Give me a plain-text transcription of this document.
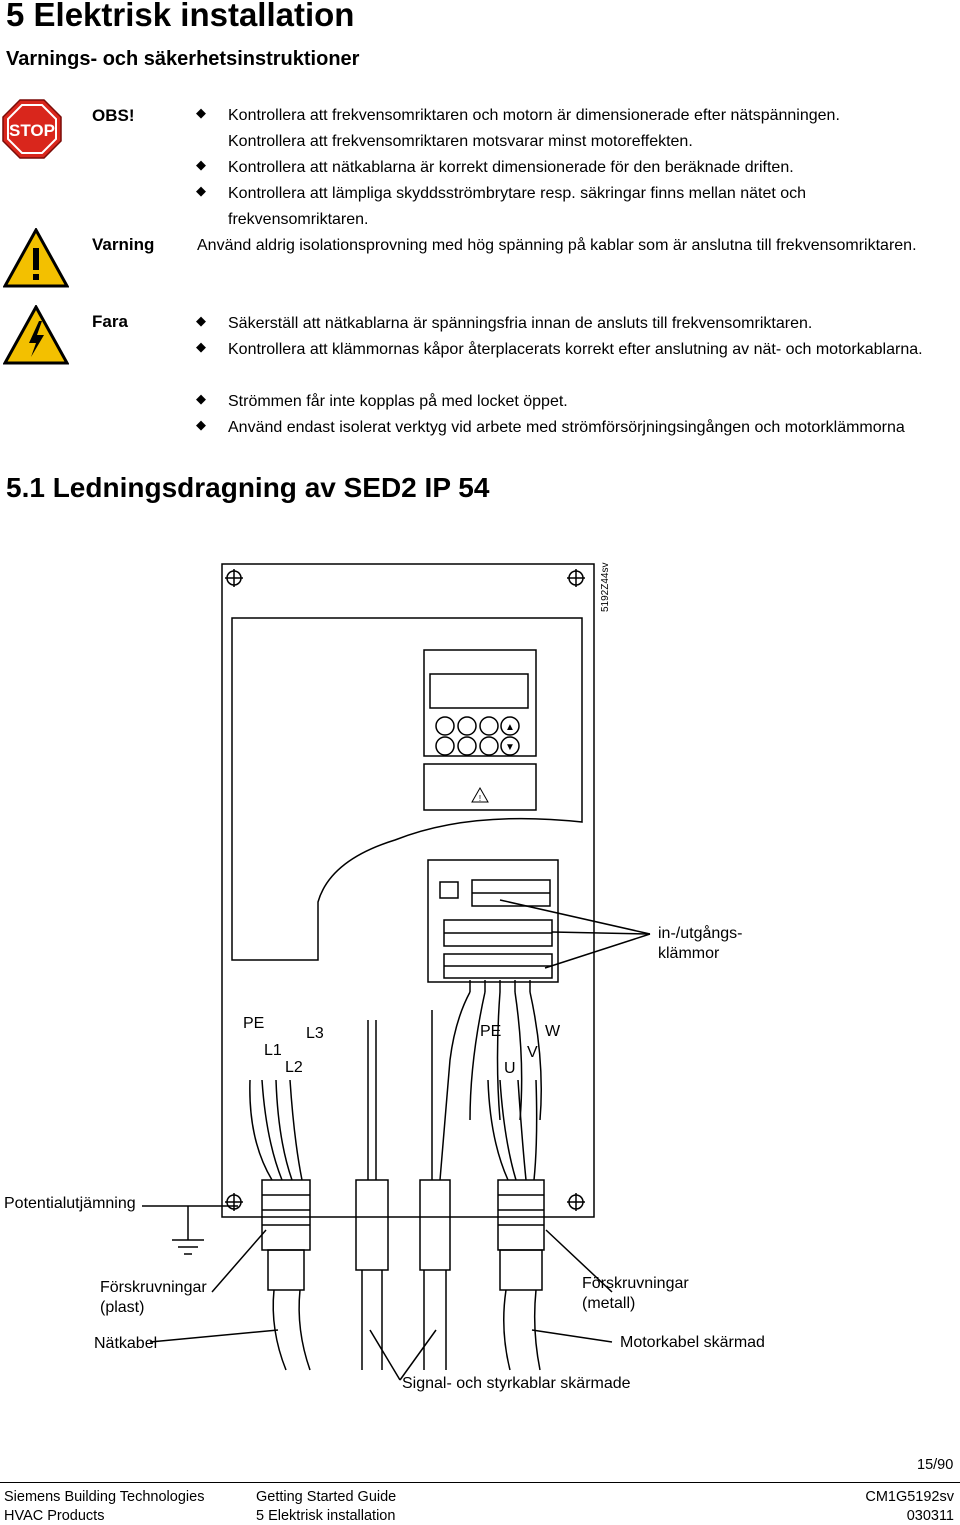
5 Elektrisk installation
Varnings- och säkerhetsinstruktioner
STOP
OBS!	◆ Kontrollera att frekvensomriktaren och motorn är dimensionerade efter nätspänningen.
Kontrollera att frekvensomriktaren motsvarar minst motoreffekten.
◆ Kontrollera att nätkablarna är korrekt dimensionerade för den beräknade driften.
◆ Kontrollera att lämpliga skyddsströmbrytare resp. säkringar finns mellan nätet och frekvensomriktaren.
Varning	Använd aldrig isolationsprovning med hög spänning på kablar som är anslutna till frekvensomriktaren.
Fara	◆ Säkerställ att nätkablarna är spänningsfria innan de ansluts till frekvensomriktaren.
◆ Kontrollera att klämmornas kåpor återplacerats korrekt efter anslutning av nät- och motorkablarna.
◆ Strömmen får inte kopplas på med locket öppet.
◆ Använd endast isolerat verktyg vid arbete med strömförsörjningsingången och motorklämmorna
5.1 Ledningsdragning av SED2 IP 54
5192Z44sv
!
▲
▼
in-/utgångs-
klämmor
PE
L3
L1
L2
PE	W
V
U
Potentialutjämning
Förskruvningar
(plast)
Förskruvningar
(metall)
Nätkabel	Motorkabel skärmad
Signal- och styrkablar skärmade
15/90
Siemens Building Technologies
HVAC Products
Getting Started Guide
5 Elektrisk installation
CM1G5192sv
030311
